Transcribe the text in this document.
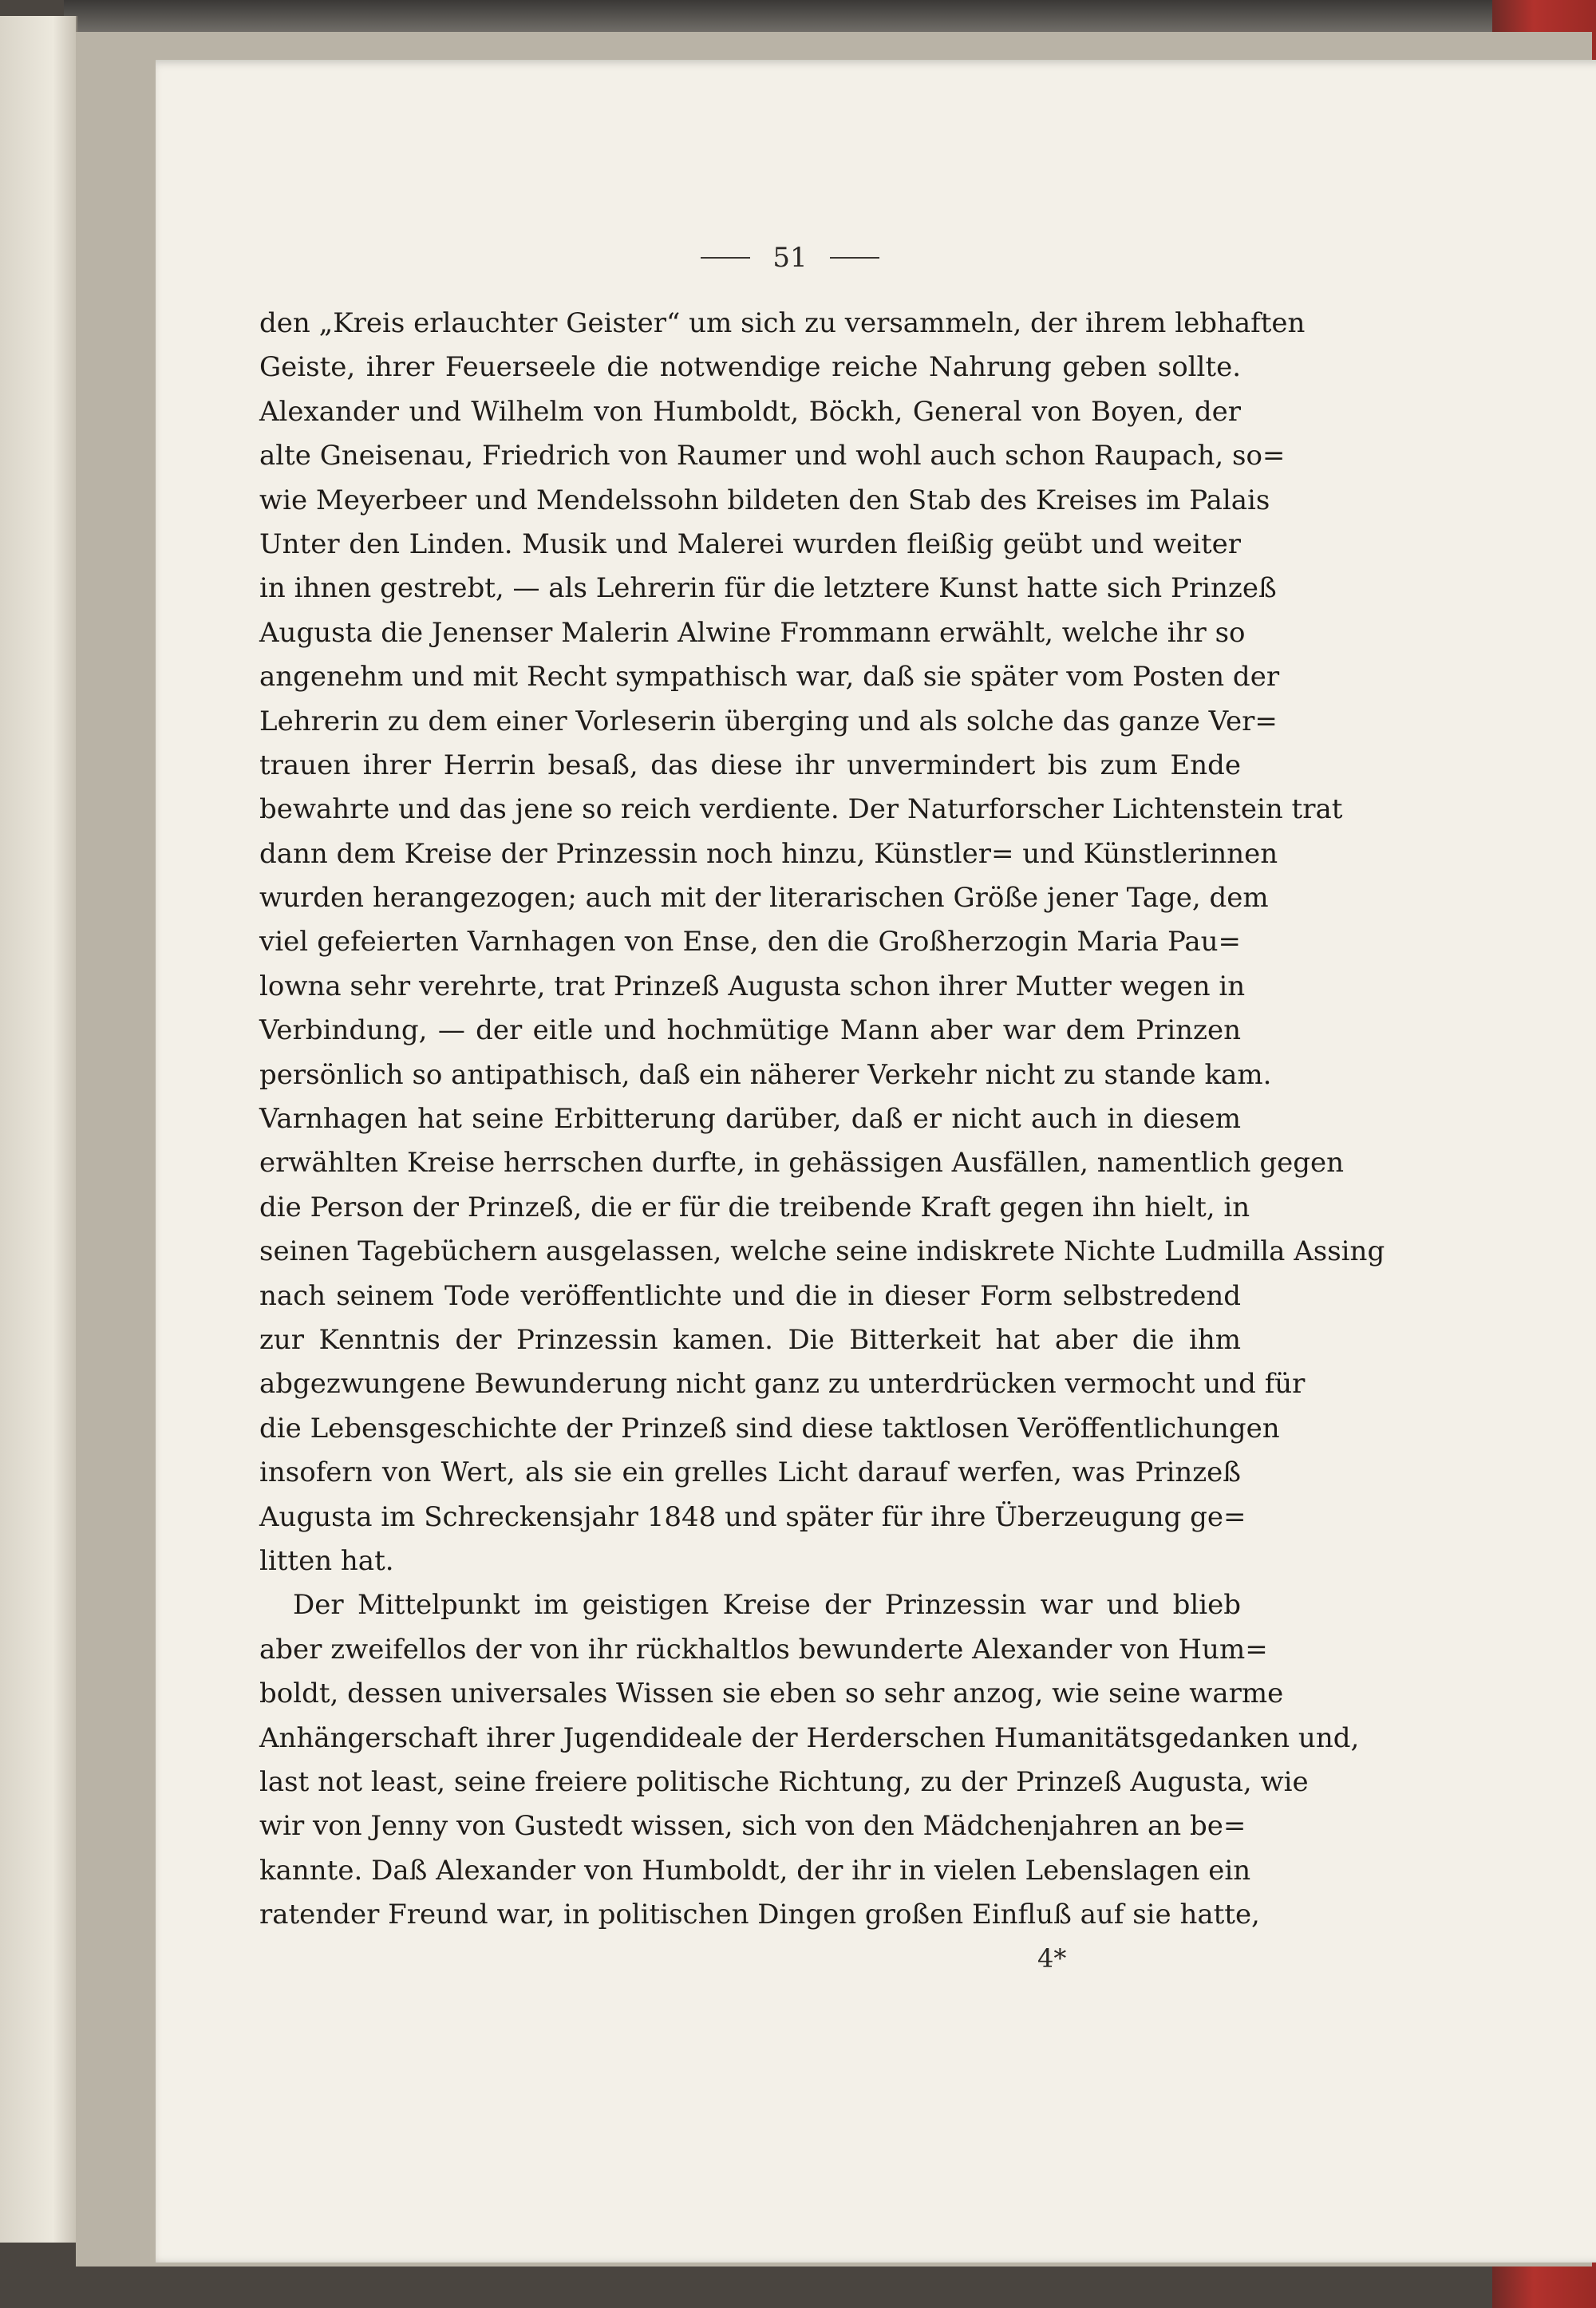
51
den „Kreis erlauchter Geister“ um sich zu versammeln, der ihrem lebhaften
Geiste, ihrer Feuerseele die notwendige reiche Nahrung geben sollte.
Alexander und Wilhelm von Humboldt, Böckh, General von Boyen, der
alte Gneisenau, Friedrich von Raumer und wohl auch schon Raupach, so=
wie Meyerbeer und Mendelssohn bildeten den Stab des Kreises im Palais
Unter den Linden. Musik und Malerei wurden fleißig geübt und weiter
in ihnen gestrebt, — als Lehrerin für die letztere Kunst hatte sich Prinzeß
Augusta die Jenenser Malerin Alwine Frommann erwählt, welche ihr so
angenehm und mit Recht sympathisch war, daß sie später vom Posten der
Lehrerin zu dem einer Vorleserin überging und als solche das ganze Ver=
trauen ihrer Herrin besaß, das diese ihr unvermindert bis zum Ende
bewahrte und das jene so reich verdiente. Der Naturforscher Lichtenstein trat
dann dem Kreise der Prinzessin noch hinzu, Künstler= und Künstlerinnen
wurden herangezogen; auch mit der literarischen Größe jener Tage, dem
viel gefeierten Varnhagen von Ense, den die Großherzogin Maria Pau=
lowna sehr verehrte, trat Prinzeß Augusta schon ihrer Mutter wegen in
Verbindung, — der eitle und hochmütige Mann aber war dem Prinzen
persönlich so antipathisch, daß ein näherer Verkehr nicht zu stande kam.
Varnhagen hat seine Erbitterung darüber, daß er nicht auch in diesem
erwählten Kreise herrschen durfte, in gehässigen Ausfällen, namentlich gegen
die Person der Prinzeß, die er für die treibende Kraft gegen ihn hielt, in
seinen Tagebüchern ausgelassen, welche seine indiskrete Nichte Ludmilla Assing
nach seinem Tode veröffentlichte und die in dieser Form selbstredend
zur Kenntnis der Prinzessin kamen. Die Bitterkeit hat aber die ihm
abgezwungene Bewunderung nicht ganz zu unterdrücken vermocht und für
die Lebensgeschichte der Prinzeß sind diese taktlosen Veröffentlichungen
insofern von Wert, als sie ein grelles Licht darauf werfen, was Prinzeß
Augusta im Schreckensjahr 1848 und später für ihre Überzeugung ge=
litten hat.
Der Mittelpunkt im geistigen Kreise der Prinzessin war und blieb
aber zweifellos der von ihr rückhaltlos bewunderte Alexander von Hum=
boldt, dessen universales Wissen sie eben so sehr anzog, wie seine warme
Anhängerschaft ihrer Jugendideale der Herderschen Humanitätsgedanken und,
last not least, seine freiere politische Richtung, zu der Prinzeß Augusta, wie
wir von Jenny von Gustedt wissen, sich von den Mädchenjahren an be=
kannte. Daß Alexander von Humboldt, der ihr in vielen Lebenslagen ein
ratender Freund war, in politischen Dingen großen Einfluß auf sie hatte,
4*
